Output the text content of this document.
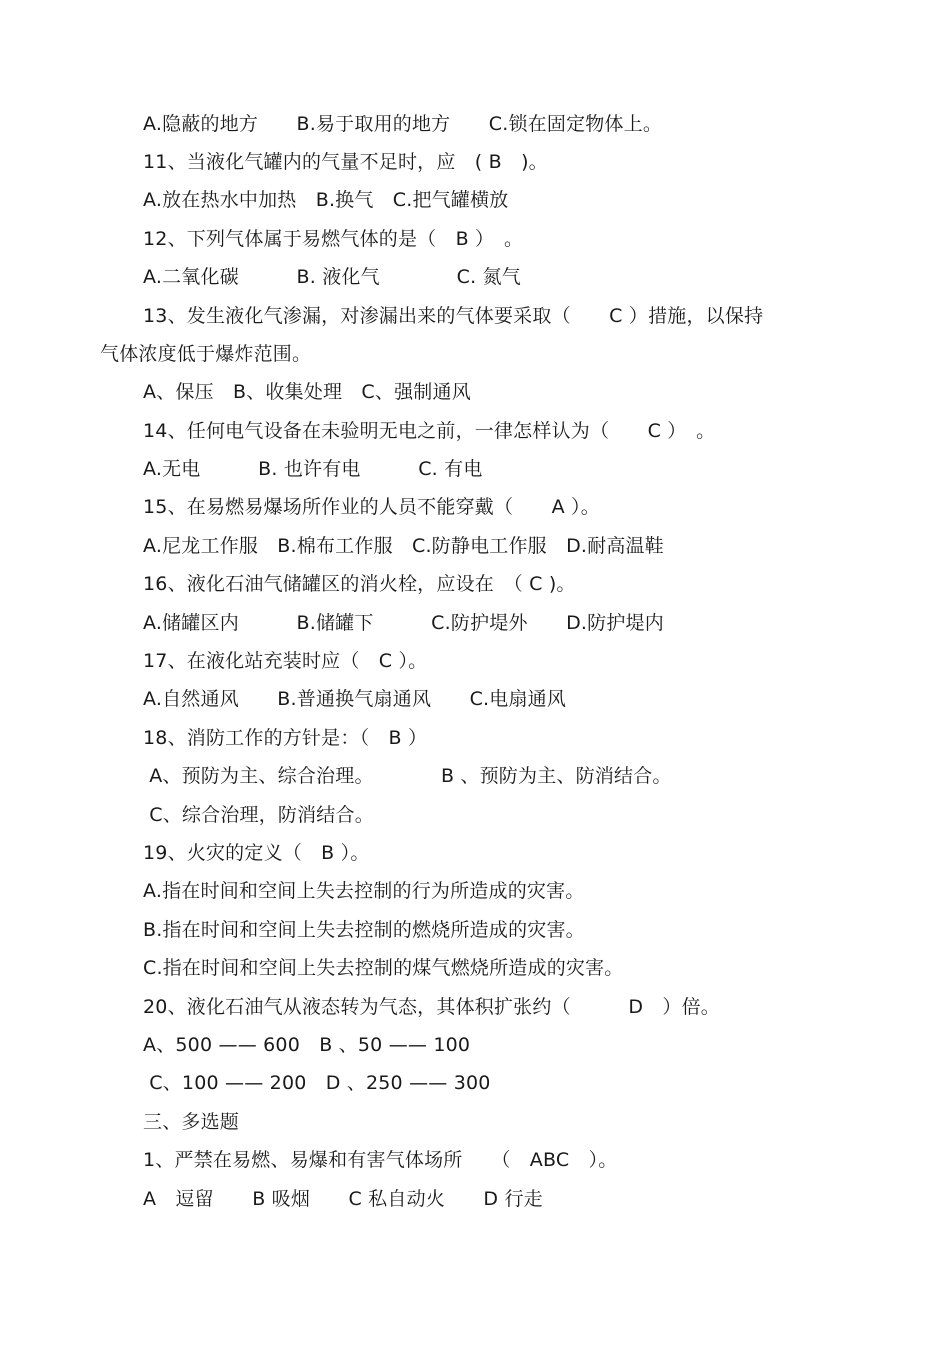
A.隐蔽的地方　　B.易于取用的地方　　C.锁在固定物体上。
11、当液化气罐内的气量不足时，应　( B　)。
A.放在热水中加热　B.换气　C.把气罐横放
12、下列气体属于易燃气体的是（　B ）　。
A.二氧化碳　　　B. 液化气　　　　C. 氮气
13、发生液化气渗漏，对渗漏出来的气体要采取（　　C ）措施，以保持
气体浓度低于爆炸范围。
A、保压　B、收集处理　C、强制通风
14、任何电气设备在未验明无电之前，一律怎样认为（　　C ）　。
A.无电　　　B. 也许有电　　　C. 有电
15、在易燃易爆场所作业的人员不能穿戴（　　A ）。
A.尼龙工作服　B.棉布工作服　C.防静电工作服　D.耐高温鞋
16、液化石油气储罐区的消火栓，应设在　（ C )。
A.储罐区内　　　B.储罐下　　　C.防护堤外　　D.防护堤内
17、在液化站充装时应（　C ）。
A.自然通风　　B.普通换气扇通风　　C.电扇通风
18、消防工作的方针是：（　B ）
A、预防为主、综合治理。　　　　B 、预防为主、防消结合。
C、综合治理，防消结合。
19、火灾的定义（　B ）。
A.指在时间和空间上失去控制的行为所造成的灾害。
B.指在时间和空间上失去控制的燃烧所造成的灾害。
C.指在时间和空间上失去控制的煤气燃烧所造成的灾害。
20、液化石油气从液态转为气态，其体积扩张约（　　　D　）倍。
A、500 —— 600　B 、50 —— 100
C、100 —— 200　D 、250 —— 300
三、多选题
1、严禁在易燃、易爆和有害气体场所　　（　ABC　）。
A　逗留　　B 吸烟　　C 私自动火　　D 行走
